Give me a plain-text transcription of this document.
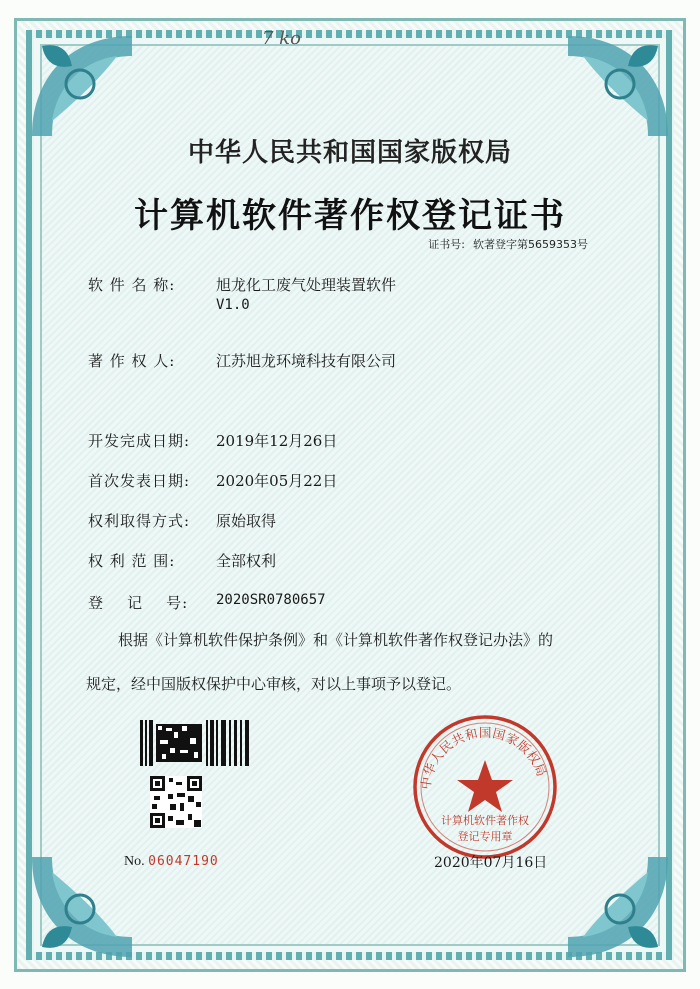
7 ko
中华人民共和国国家版权局
计算机软件著作权登记证书
证书号: 软著登字第5659353号
软 件 名 称:	旭龙化工废气处理装置软件
V1.0
著 作 权 人:	江苏旭龙环境科技有限公司
开发完成日期: 2019年12月26日
首次发表日期: 2020年05月22日
权利取得方式: 原始取得
权 利 范 围:	全部权利
登    记    号: 2020SR0780657
根据《计算机软件保护条例》和《计算机软件著作权登记办法》的
规定，经中国版权保护中心审核，对以上事项予以登记。
No. 06047190
中华人民共和国国家版权局
计算机软件著作权
登记专用章
2020年07月16日
